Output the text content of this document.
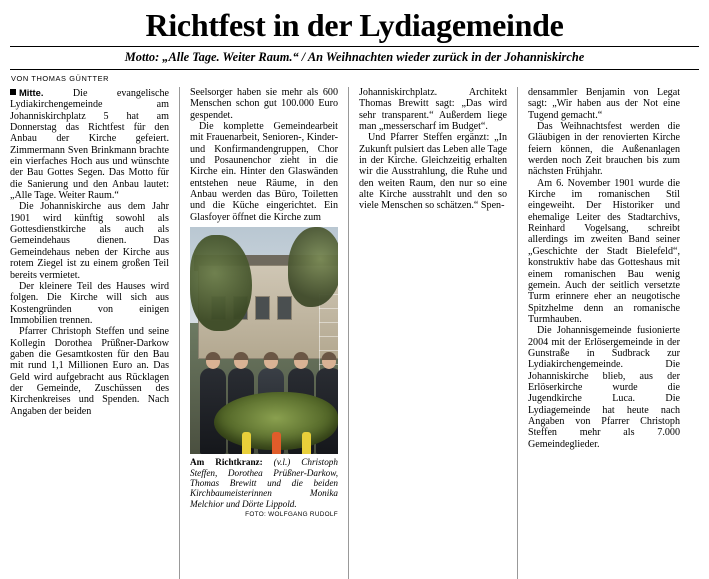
Richtfest in der Lydiagemeinde
Motto: „Alle Tage. Weiter Raum.“ / An Weihnachten wieder zurück in der Johanniskirche
VON THOMAS GÜNTTER

Mitte.	Die evangelische Lydiakirchengemeinde am Johanniskirchplatz 5 hat am Donnerstag das Richtfest für den Anbau der Kirche gefeiert. Zimmermann Sven Brinkmann brachte ein vierfaches Hoch aus und wünschte der Bau Gottes Segen. Das Motto für die Sanierung und den Anbau lautet: „Alle Tage. Weiter Raum.“

Die Johanniskirche aus dem Jahr 1901 wird künftig sowohl als Gottesdienstkirche als auch als Gemeindehaus dienen. Das Gemeindehaus neben der Kirche aus rotem Ziegel ist zu einem großen Teil bereits vermietet.

Der kleinere Teil des Hauses wird folgen. Die Kirche will sich aus Kostengründen von einigen Immobilien trennen.

Pfarrer Christoph Steffen und seine Kollegin Dorothea Prüßner-Darkow gaben die Gesamtkosten für den Bau mit rund 1,1 Millionen Euro an. Das Geld wird aufgebracht aus Rücklagen der Gemeinde, Zuschüssen des Kirchenkreises und Spenden. Nach Angaben der beiden

Seelsorger haben sie mehr als 600 Menschen schon gut 100.000 Euro gespendet.

Die komplette Gemeindearbeit mit Frauenarbeit, Senioren-, Kinder- und Konfirmandengruppen, Chor und Posaunenchor zieht in die Kirche ein. Hinter den Glaswänden entstehen neue Räume, in den Anbau werden das Büro, Toiletten und die Küche eingerichtet. Ein Glasfoyer öffnet die Kirche zum

Am Richtkranz: (v.l.) Christoph Steffen, Dorothea Prüßner-Darkow, Thomas Brewitt und die beiden Kirchbaumeisterinnen Monika Melchior und Dörte Lippold.

FOTO: WOLFGANG RUDOLF

Johanniskirchplatz. Architekt Thomas Brewitt sagt: „Das wird sehr transparent.“ Außerdem liege man „messerscharf im Budget“.

Und Pfarrer Steffen ergänzt: „In Zukunft pulsiert das Leben alle Tage in der Kirche. Gleichzeitig erhalten wir die Ausstrahlung, die Ruhe und den weiten Raum, den nur so eine alte Kirche ausstrahlt und den so viele Menschen so schätzen.“ Spen-

densammler Benjamin von Legat sagt: „Wir haben aus der Not eine Tugend gemacht.“

Das Weihnachtsfest werden die Gläubigen in der renovierten Kirche feiern können, die Außenanlagen werden noch Zeit brauchen bis zum nächsten Frühjahr.

Am 6. November 1901 wurde die Kirche im romanischen Stil eingeweiht. Der Historiker und ehemalige Leiter des Stadtarchivs, Reinhard Vogelsang, schreibt allerdings im zweiten Band seiner „Geschichte der Stadt Bielefeld“, konstruktiv habe das Gotteshaus mit einem romanischen Bau wenig gemein. Auch der seitlich versetzte Turm erinnere eher an neugotische Spitzhelme denn an romanische Turmhauben.

Die Johannisgemeinde fusionierte 2004 mit der Erlösergemeinde in der Gunstraße in Sudbrack zur Lydiakirchengemeinde. Die Johanniskirche blieb, aus der Erlöserkirche wurde die Jugendkirche Luca. Die Lydiagemeinde hat heute nach Angaben von Pfarrer Christoph Steffen mehr als 7.000 Gemeindeglieder.
